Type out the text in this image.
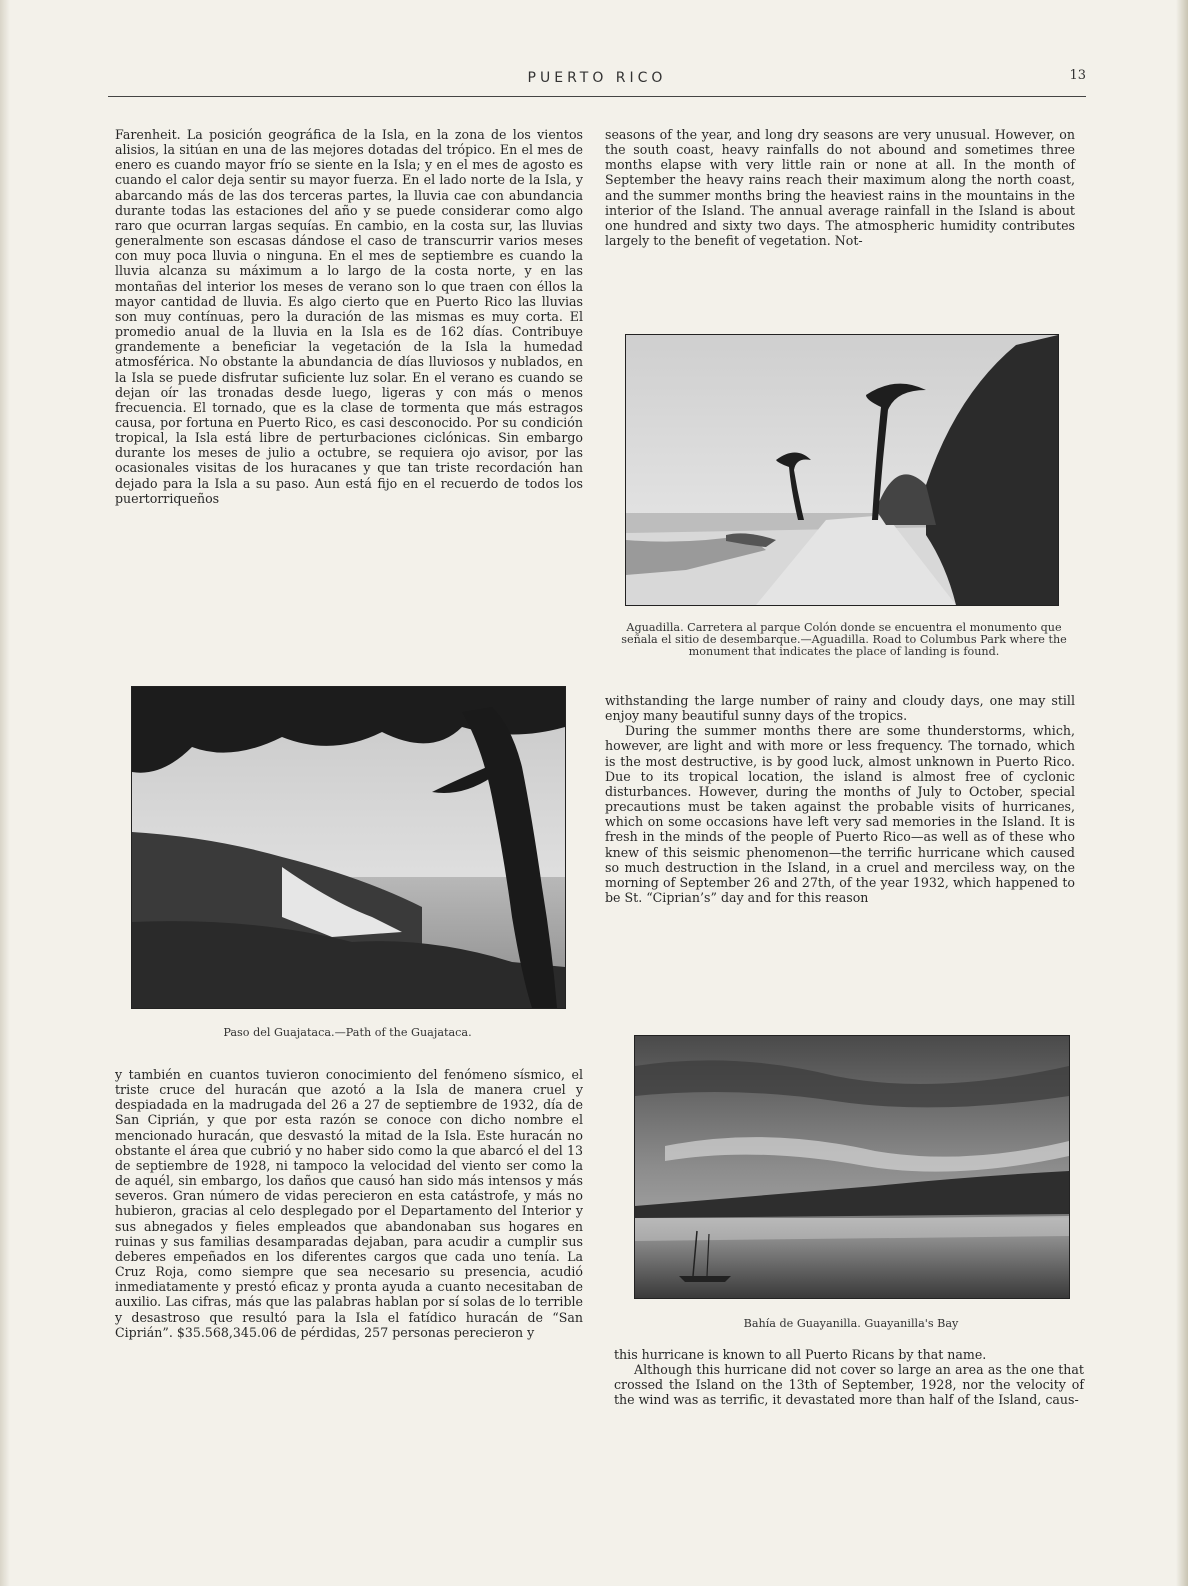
PUERTO RICO	13

Farenheit. La posición geográfica de la Isla, en la zona de los vientos alisios, la sitúan en una de las mejores dotadas del trópico. En el mes de enero es cuando mayor frío se siente en la Isla; y en el mes de agosto es cuando el calor deja sentir su mayor fuerza. En el lado norte de la Isla, y abarcando más de las dos terceras partes, la lluvia cae con abundancia durante todas las estaciones del año y se puede considerar como algo raro que ocurran largas sequías. En cambio, en la costa sur, las lluvias generalmente son escasas dándose el caso de transcurrir varios meses con muy poca lluvia o ninguna. En el mes de septiembre es cuando la lluvia alcanza su máximum a lo largo de la costa norte, y en las montañas del interior los meses de verano son lo que traen con éllos la mayor cantidad de lluvia. Es algo cierto que en Puerto Rico las lluvias son muy contínuas, pero la duración de las mismas es muy corta. El promedio anual de la lluvia en la Isla es de 162 días. Contribuye grandemente a beneficiar la vegetación de la Isla la humedad atmosférica. No obstante la abundancia de días lluviosos y nublados, en la Isla se puede disfrutar suficiente luz solar. En el verano es cuando se dejan oír las tronadas desde luego, ligeras y con más o menos frecuencia. El tornado, que es la clase de tormenta que más estragos causa, por fortuna en Puerto Rico, es casi desconocido. Por su condición tropical, la Isla está libre de perturbaciones ciclónicas. Sin embargo durante los meses de julio a octubre, se requiera ojo avisor, por las ocasionales visitas de los huracanes y que tan triste recordación han dejado para la Isla a su paso. Aun está fijo en el recuerdo de todos los puertorriqueños

Paso del Guajataca.—Path of the Guajataca.

y también en cuantos tuvieron conocimiento del fenómeno sísmico, el triste cruce del huracán que azotó a la Isla de manera cruel y despiadada en la madrugada del 26 a 27 de septiembre de 1932, día de San Ciprián, y que por esta razón se conoce con dicho nombre el mencionado huracán, que desvastó la mitad de la Isla. Este huracán no obstante el área que cubrió y no haber sido como la que abarcó el del 13 de septiembre de 1928, ni tampoco la velocidad del viento ser como la de aquél, sin embargo, los daños que causó han sido más intensos y más severos. Gran número de vidas perecieron en esta catástrofe, y más no hubieron, gracias al celo desplegado por el Departamento del Interior y sus abnegados y fieles empleados que abandonaban sus hogares en ruinas y sus familias desamparadas dejaban, para acudir a cumplir sus deberes empeñados en los diferentes cargos que cada uno tenía. La Cruz Roja, como siempre que sea necesario su presencia, acudió inmediatamente y prestó eficaz y pronta ayuda a cuanto necesitaban de auxilio. Las cifras, más que las palabras hablan por sí solas de lo terrible y desastroso que resultó para la Isla el fatídico huracán de “San Ciprián”. $35.568,345.06 de pérdidas, 257 personas perecieron y

seasons of the year, and long dry seasons are very unusual. However, on the south coast, heavy rainfalls do not abound and sometimes three months elapse with very little rain or none at all. In the month of September the heavy rains reach their maximum along the north coast, and the summer months bring the heaviest rains in the mountains in the interior of the Island. The annual average rainfall in the Island is about one hundred and sixty two days. The atmospheric humidity contributes largely to the benefit of vegetation. Not-

Aguadilla. Carretera al parque Colón donde se encuentra el monumento que señala el sitio de desembarque.—Aguadilla. Road to Columbus Park where the monument that indicates the place of landing is found.

withstanding the large number of rainy and cloudy days, one may still enjoy many beautiful sunny days of the tropics.

During the summer months there are some thunderstorms, which, however, are light and with more or less frequency. The tornado, which is the most destructive, is by good luck, almost unknown in Puerto Rico. Due to its tropical location, the island is almost free of cyclonic disturbances. However, during the months of July to October, special precautions must be taken against the probable visits of hurricanes, which on some occasions have left very sad memories in the Island. It is fresh in the minds of the people of Puerto Rico—as well as of these who knew of this seismic phenomenon—the terrific hurricane which caused so much destruction in the Island, in a cruel and merciless way, on the morning of September 26 and 27th, of the year 1932, which happened to be St. “Ciprian’s” day and for this reason

Bahía de Guayanilla. Guayanilla's Bay

this hurricane is known to all Puerto Ricans by that name.

Although this hurricane did not cover so large an area as the one that crossed the Island on the 13th of September, 1928, nor the velocity of the wind was as terrific, it devastated more than half of the Island, caus-
